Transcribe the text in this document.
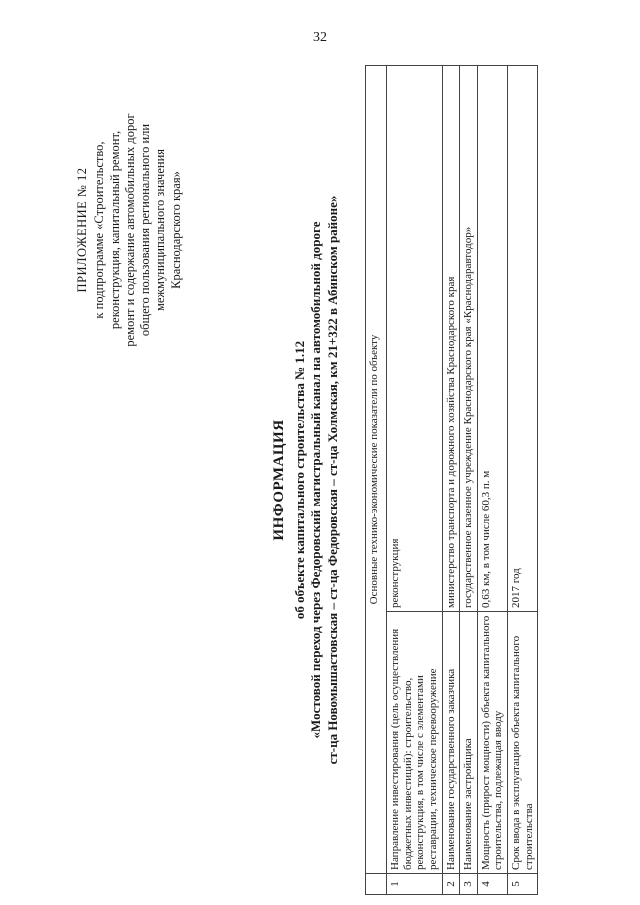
32
ПРИЛОЖЕНИЕ № 12 к подпрограмме «Строительство, реконструкция, капитальный ремонт, ремонт и содержание автомобильных дорог общего пользования регионального или межмуниципального значения Краснодарского края»
ИНФОРМАЦИЯ об объекте капитального строительства № 1.12 «Мостовой переход через Федоровский магистральный канал на автомобильной дороге ст-ца Новомышастовская – ст-ца Федоровская – ст-ца Холмская, км 21+322 в Абинском районе»
		Основные технико-экономические показатели по объекту	
1	Направление инвестирования (цель осуществления бюджетных инвестиций): строительство, реконструкция, в том числе с элементами реставрации, техническое перевооружение	реконструкция
2	Наименование государственного заказчика	министерство транспорта и дорожного хозяйства Краснодарского края
3	Наименование застройщика	государственное казенное учреждение Краснодарского края «Краснодаравтодор»
4	Мощность (прирост мощности) объекта капитального строительства, подлежащая вводу	0,63 км, в том числе 60,3 п. м
5	Срок ввода в эксплуатацию объекта капитального строительства	2017 год
